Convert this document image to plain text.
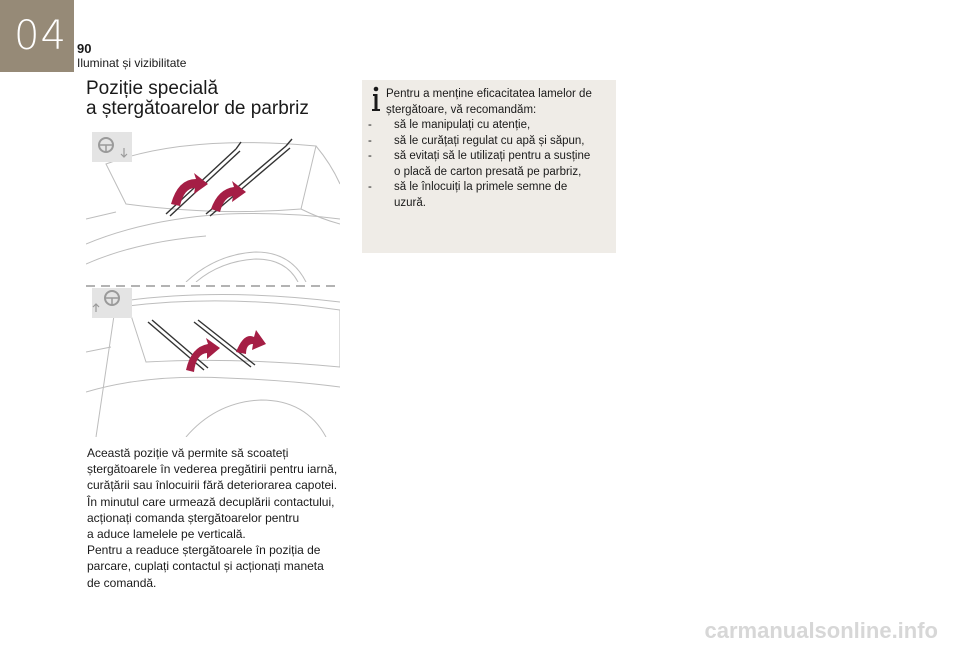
04 90
Iluminat și vizibilitate
Poziție specială
a ștergătoarelor de parbriz

Această poziție vă permite să scoateți
ștergătoarele în vederea pregătirii pentru iarnă,
curățării sau înlocuirii fără deteriorarea capotei.

În minutul care urmează decuplării contactului,
acționați comanda ștergătoarelor pentru
a aduce lamelele pe verticală.

Pentru a readuce ștergătoarele în poziția de
parcare, cuplați contactul și acționați maneta
de comandă.

Pentru a menține eficacitatea lamelor de
ștergătoare, vă recomandăm:

- să le manipulați cu atenție,
- să le curățați regulat cu apă și săpun,
- să evitați să le utilizați pentru a susține
o placă de carton presată pe parbriz,
- să le înlocuiți la primele semne de
uzură.
carmanualsonline.info
